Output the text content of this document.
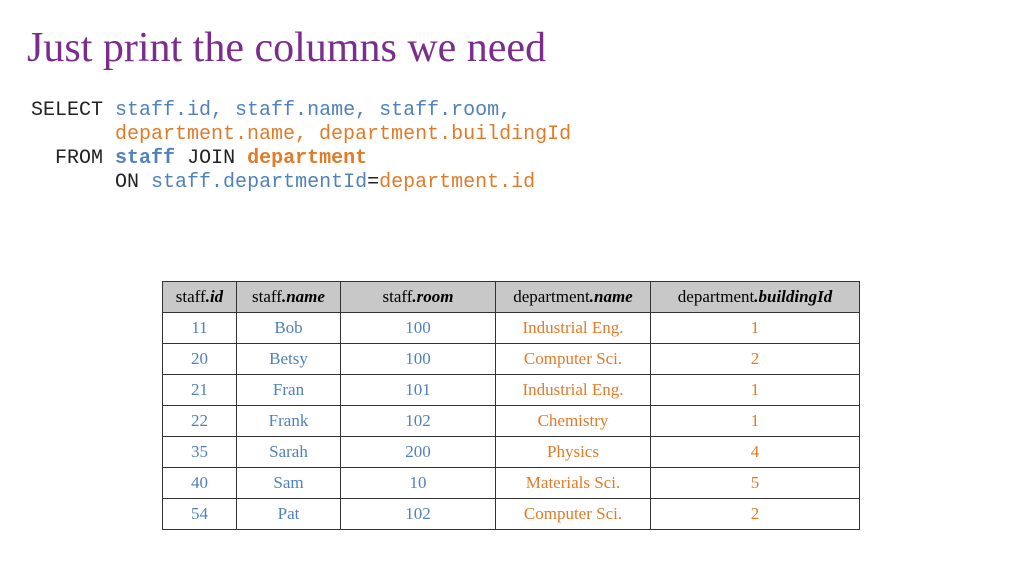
Just print the columns we need
SELECT staff.id, staff.name, staff.room,
department.name, department.buildingId
FROM staff JOIN department
ON staff.departmentId=department.id
staff.id	staff.name	staff.room	department.name	department.buildingId
11	Bob	100	Industrial Eng.	1
20	Betsy	100	Computer Sci.	2
21	Fran	101	Industrial Eng.	1
22	Frank	102	Chemistry	1
35	Sarah	200	Physics	4
40	Sam	10	Materials Sci.	5
54	Pat	102	Computer Sci.	2
